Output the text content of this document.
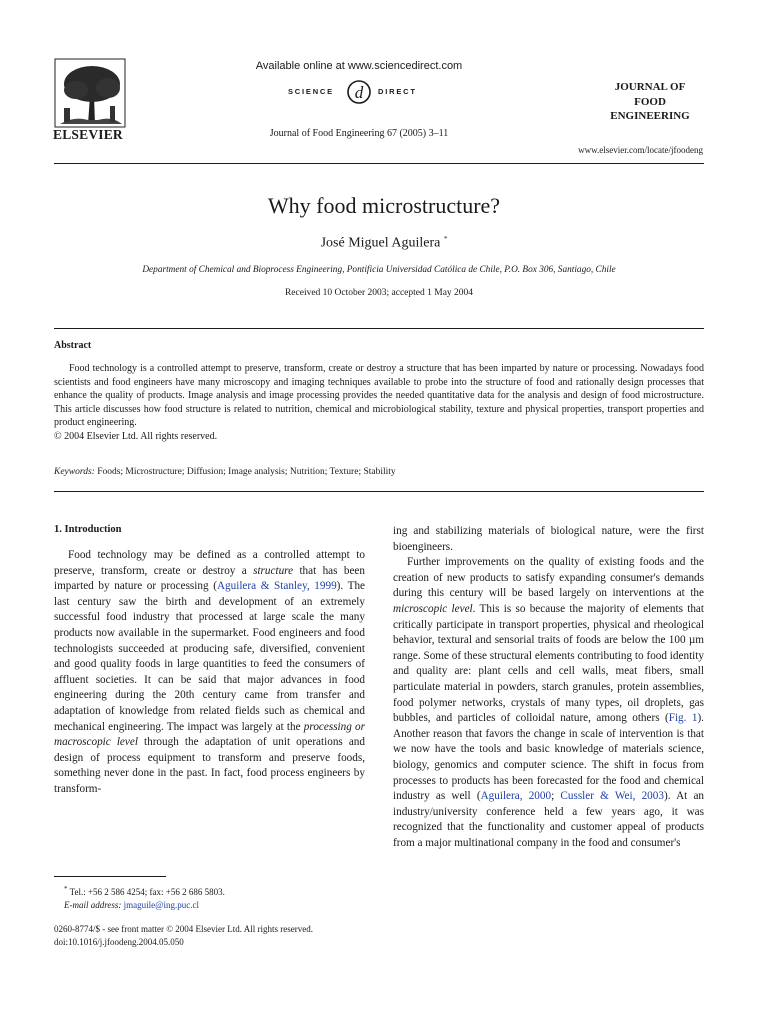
ELSEVIER
Available online at www.sciencedirect.com
d
SCIENCE	DIRECT
Journal of Food Engineering 67 (2005) 3–11
JOURNAL OF
FOOD
ENGINEERING
www.elsevier.com/locate/jfoodeng
Why food microstructure?
José Miguel Aguilera *
Department of Chemical and Bioprocess Engineering, Pontificia Universidad Católica de Chile, P.O. Box 306, Santiago, Chile
Received 10 October 2003; accepted 1 May 2004
Abstract
Food technology is a controlled attempt to preserve, transform, create or destroy a structure that has been imparted by nature or processing. Nowadays food scientists and food engineers have many microscopy and imaging techniques available to probe into the structure of food and rationally design processes that enhance the quality of products. Image analysis and image processing provides the needed quantitative data for the analysis and design of food microstructure. This article discusses how food structure is related to nutrition, chemical and microbiological stability, texture and physical properties, transport properties and product engineering.
© 2004 Elsevier Ltd. All rights reserved.
Keywords: Foods; Microstructure; Diffusion; Image analysis; Nutrition; Texture; Stability
1. Introduction

Food technology may be defined as a controlled attempt to preserve, transform, create or destroy a structure that has been imparted by nature or processing (Aguilera & Stanley, 1999). The last century saw the birth and development of an extremely successful food industry that processed at large scale the many products now available in the supermarket. Food engineers and food technologists succeeded at producing safe, diversified, convenient and good quality foods in large quantities to feed the consumers of affluent societies. It can be said that major advances in food engineering during the 20th century came from transfer and adaptation of knowledge from related fields such as chemical and mechanical engineering. The impact was largely at the processing or macroscopic level through the adaptation of unit operations and design of process equipment to transform and preserve foods, something never done in the past. In fact, food process engineers by transform-

ing and stabilizing materials of biological nature, were the first bioengineers.

Further improvements on the quality of existing foods and the creation of new products to satisfy expanding consumer's demands during this century will be based largely on interventions at the microscopic level. This is so because the majority of elements that critically participate in transport properties, physical and rheological behavior, textural and sensorial traits of foods are below the 100 µm range. Some of these structural elements contributing to food identity and quality are: plant cells and cell walls, meat fibers, small particulate material in powders, starch granules, protein assemblies, food polymer networks, crystals of many types, oil droplets, gas bubbles, and particles of colloidal nature, among others (Fig. 1). Another reason that favors the change in scale of intervention is that we now have the tools and basic knowledge of materials science, biology, genomics and computer science. The shift in focus from processes to products has been forecasted for the food and chemical industry as well (Aguilera, 2000; Cussler & Wei, 2003). At an industry/university conference held a few years ago, it was recognized that the functionality and customer appeal of products from a major multinational company in the food and consumer's

* Tel.: +56 2 586 4254; fax: +56 2 686 5803.
E-mail address: jmaguile@ing.puc.cl
0260-8774/$ - see front matter © 2004 Elsevier Ltd. All rights reserved.
doi:10.1016/j.jfoodeng.2004.05.050
